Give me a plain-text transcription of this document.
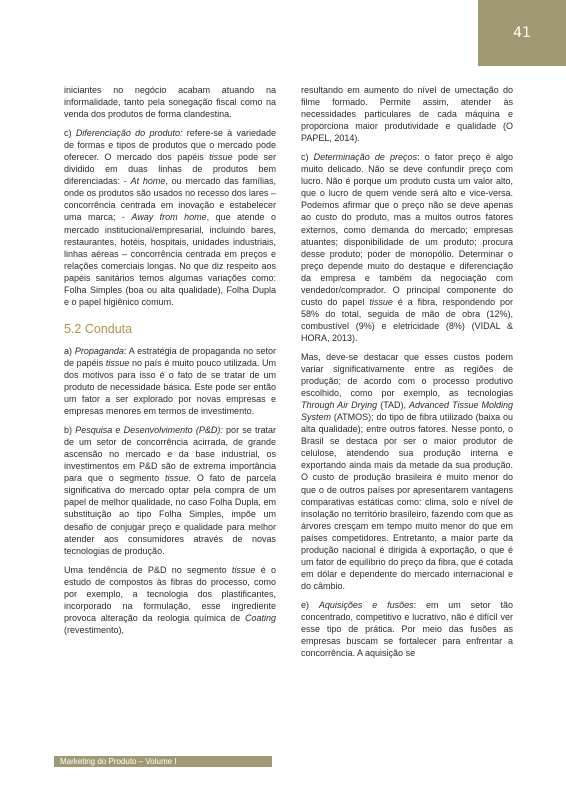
41

iniciantes no negócio acabam atuando na informalidade, tanto pela sonegação fiscal como na venda dos produtos de forma clandestina.

c) Diferenciação do produto: refere-se à variedade de formas e tipos de produtos que o mercado pode oferecer. O mercado dos papéis tissue pode ser dividido em duas linhas de produtos bem diferenciadas: - At home, ou mercado das famílias, onde os produtos são usados no recesso dos lares – concorrência centrada em inovação e estabelecer uma marca; - Away from home, que atende o mercado institucional/empresarial, incluindo bares, restaurantes, hotéis, hospitais, unidades industriais, linhas aéreas – concorrência centrada em preços e relações comerciais longas. No que diz respeito aos papéis sanitários temos algumas variações como: Folha Simples (boa ou alta qualidade), Folha Dupla e o papel higiênico comum.

5.2 Conduta

a) Propaganda: A estratégia de propaganda no setor de papéis tissue no país é muito pouco utilizada. Um dos motivos para isso é o fato de se tratar de um produto de necessidade básica. Este pode ser então um fator a ser explorado por novas empresas e empresas menores em termos de investimento.

b) Pesquisa e Desenvolvimento (P&D): por se tratar de um setor de concorrência acirrada, de grande ascensão no mercado e da base industrial, os investimentos em P&D são de extrema importância para que o segmento tissue. O fato de parcela significativa do mercado optar pela compra de um papel de melhor qualidade, no caso Folha Dupla, em substituição ao tipo Folha Simples, impõe um desafio de conjugar preço e qualidade para melhor atender aos consumidores através de novas tecnologias de produção.

Uma tendência de P&D no segmento tissue é o estudo de compostos às fibras do processo, como por exemplo, a tecnologia dos plastificantes, incorporado na formulação, esse ingrediente provoca alteração da reologia química de Coating (revestimento),

resultando em aumento do nível de umectação do filme formado. Permite assim, atender às necessidades particulares de cada máquina e proporciona maior produtividade e qualidade (O PAPEL, 2014).

c) Determinação de preços: o fator preço é algo muito delicado. Não se deve confundir preço com lucro. Não é porque um produto custa um valor alto, que o lucro de quem vende será alto e vice-versa. Podemos afirmar que o preço não se deve apenas ao custo do produto, mas a muitos outros fatores externos, como demanda do mercado; empresas atuantes; disponibilidade de um produto; procura desse produto; poder de monopólio. Determinar o preço depende muito do destaque e diferenciação da empresa e também da negociação com vendedor/comprador. O principal componente do custo do papel tissue é a fibra, respondendo por 58% do total, seguida de mão de obra (12%), combustível (9%) e eletricidade (8%) (VIDAL & HORA, 2013).

Mas, deve-se destacar que esses custos podem variar significativamente entre as regiões de produção; de acordo com o processo produtivo escolhido, como por exemplo, as tecnologias Through Air Drying (TAD), Advanced Tissue Molding System (ATMOS); do tipo de fibra utilizado (baixa ou alta qualidade); entre outros fatores. Nesse ponto, o Brasil se destaca por ser o maior produtor de celulose, atendendo sua produção interna e exportando ainda mais da metade da sua produção. O custo de produção brasileira é muito menor do que o de outros países por apresentarem vantagens comparativas estáticas como: clima, solo e nível de insolação no território brasileiro, fazendo com que as árvores cresçam em tempo muito menor do que em países competidores. Entretanto, a maior parte da produção nacional é dirigida à exportação, o que é um fator de equilíbrio do preço da fibra, que é cotada em dólar e dependente do mercado internacional e do câmbio.

e) Aquisições e fusões: em um setor tão concentrado, competitivo e lucrativo, não é difícil ver esse tipo de prática. Por meio das fusões as empresas buscam se fortalecer para enfrentar a concorrência. A aquisição se

Marketing do Produto – Volume I
